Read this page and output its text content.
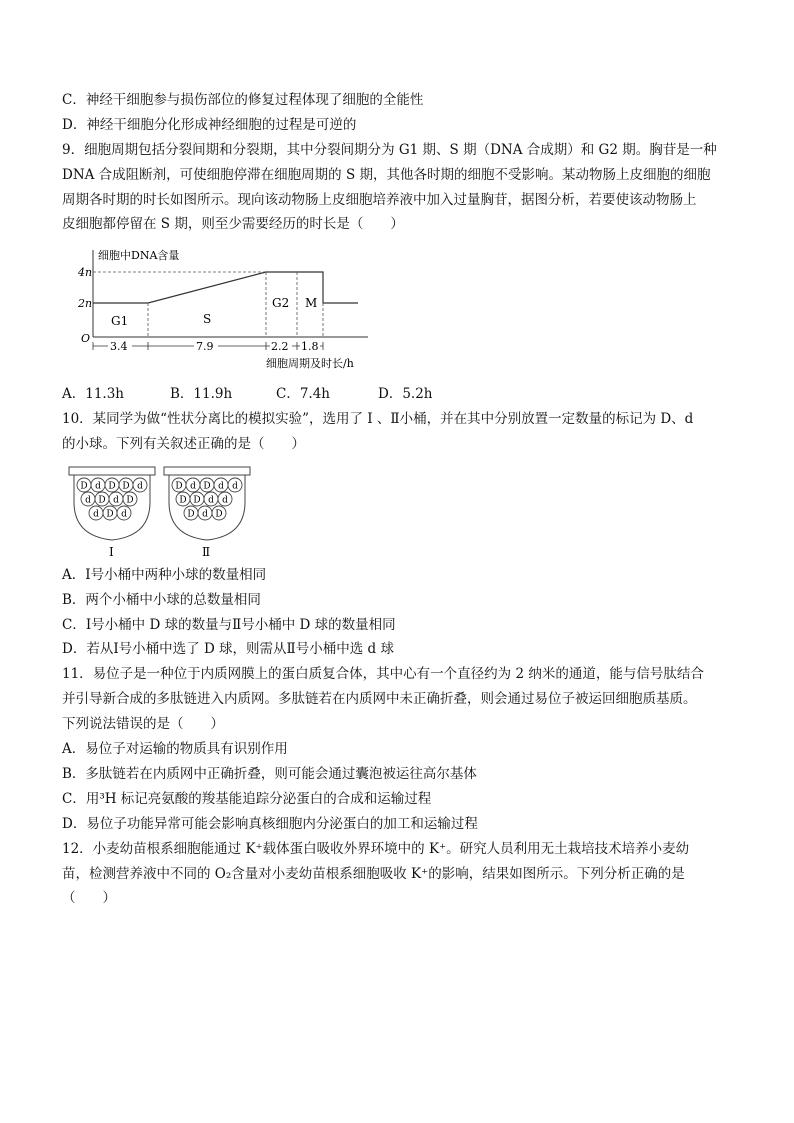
C．神经干细胞参与损伤部位的修复过程体现了细胞的全能性
D．神经干细胞分化形成神经细胞的过程是可逆的
9．细胞周期包括分裂间期和分裂期，其中分裂间期分为 G1 期、S 期（DNA 合成期）和 G2 期。胸苷是一种
DNA 合成阻断剂，可使细胞停滞在细胞周期的 S 期，其他各时期的细胞不受影响。某动物肠上皮细胞的细胞
周期各时期的时长如图所示。现向该动物肠上皮细胞培养液中加入过量胸苷，据图分析，若要使该动物肠上
皮细胞都停留在 S 期，则至少需要经历的时长是（　　）
细胞中DNA含量
4n
2n
O
G1	S
G2 M
3.4	7.9	2.2 1.8
细胞周期及时长/h
A．11.3h	B．11.9h	C．7.4h	D．5.2h
10．某同学为做“性状分离比的模拟实验”，选用了 Ⅰ 、Ⅱ小桶，并在其中分别放置一定数量的标记为 D、d
的小球。下列有关叙述正确的是（　　）
D d D D d
d D d D
d D d
Ⅰ
D d D d d
D D d d
D d D
Ⅱ
A．Ⅰ号小桶中两种小球的数量相同
B．两个小桶中小球的总数量相同
C．Ⅰ号小桶中 D 球的数量与Ⅱ号小桶中 D 球的数量相同
D．若从Ⅰ号小桶中选了 D 球，则需从Ⅱ号小桶中选 d 球
11．易位子是一种位于内质网膜上的蛋白质复合体，其中心有一个直径约为 2 纳米的通道，能与信号肽结合
并引导新合成的多肽链进入内质网。多肽链若在内质网中未正确折叠，则会通过易位子被运回细胞质基质。
下列说法错误的是（　　）
A．易位子对运输的物质具有识别作用
B．多肽链若在内质网中正确折叠，则可能会通过囊泡被运往高尔基体
C．用³H 标记亮氨酸的羧基能追踪分泌蛋白的合成和运输过程
D．易位子功能异常可能会影响真核细胞内分泌蛋白的加工和运输过程
12．小麦幼苗根系细胞能通过 K⁺载体蛋白吸收外界环境中的 K⁺。研究人员利用无土栽培技术培养小麦幼
苗，检测营养液中不同的 O₂含量对小麦幼苗根系细胞吸收 K⁺的影响，结果如图所示。下列分析正确的是
（　　）
